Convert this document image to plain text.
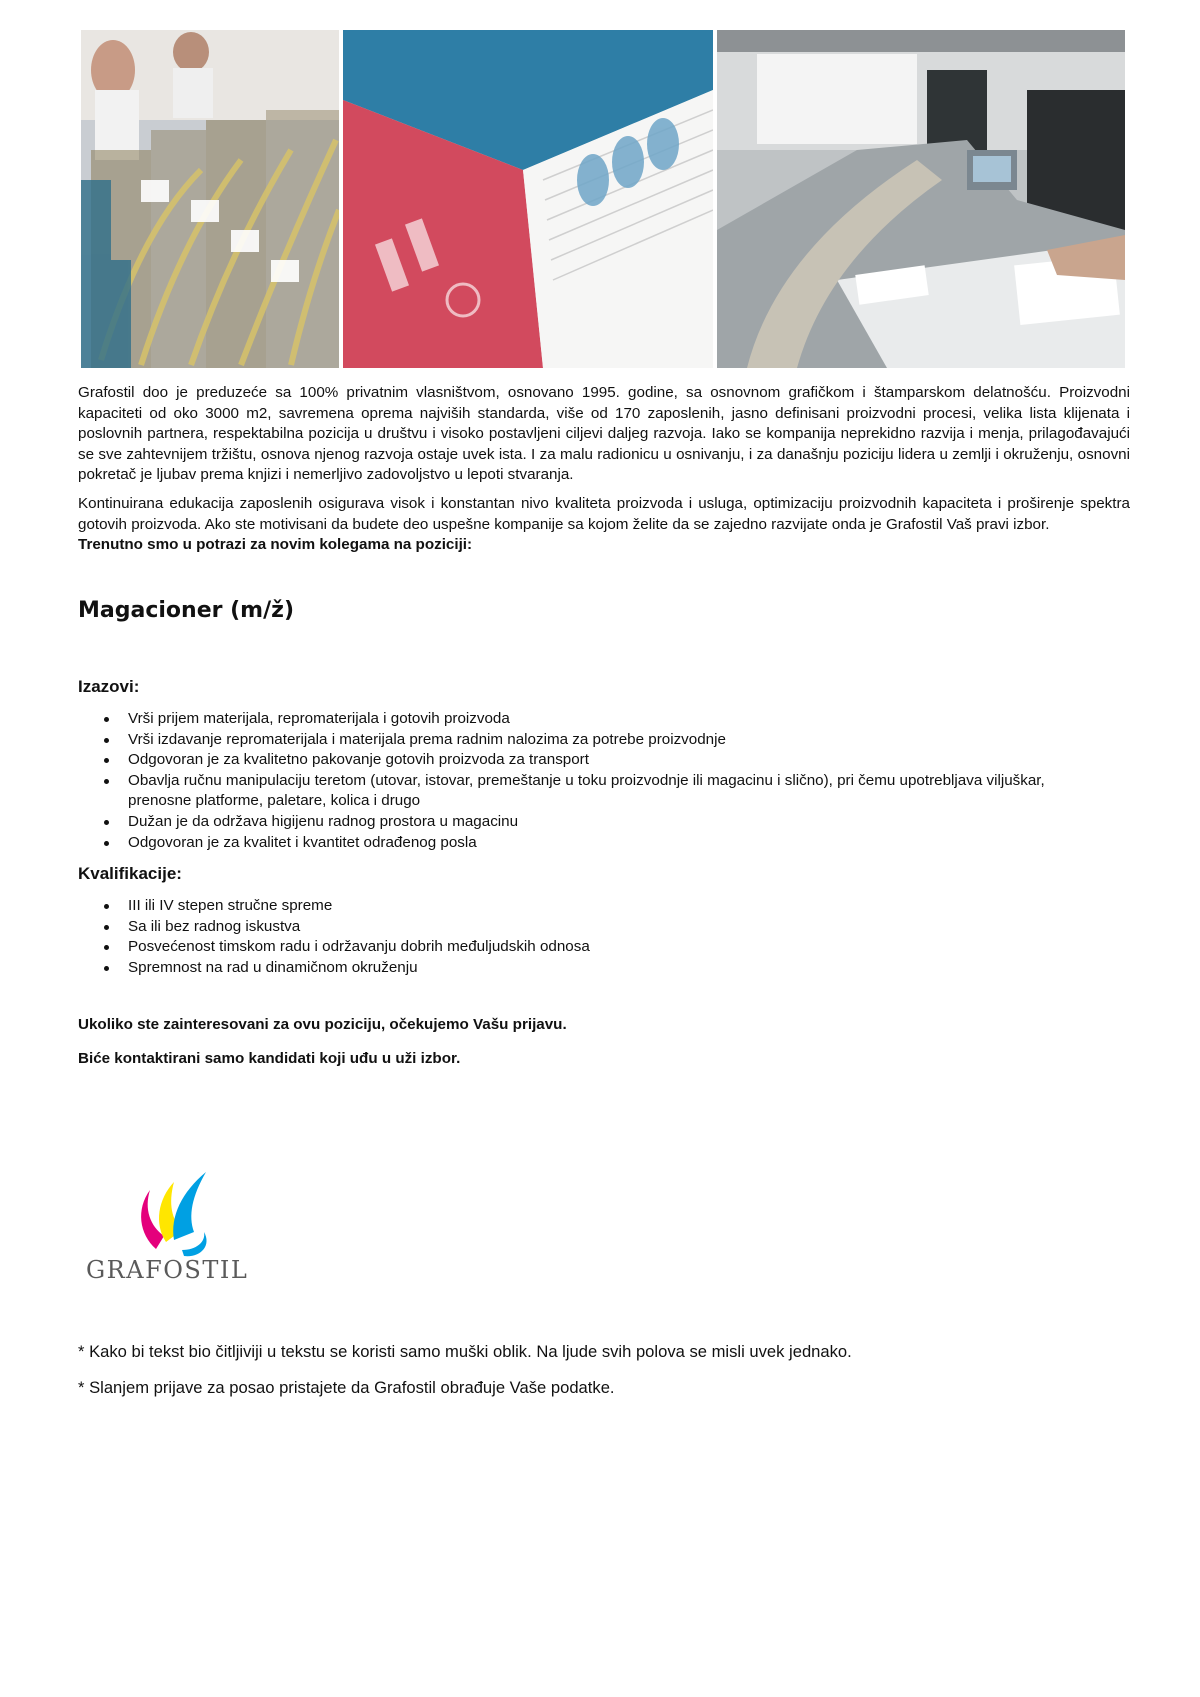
Grafostil doo je preduzeće sa 100% privatnim vlasništvom, osnovano 1995. godine, sa osnovnom grafičkom i štamparskom delatnošću. Proizvodni kapaciteti od oko 3000 m2, savremena oprema najviših standarda, više od 170 zaposlenih, jasno definisani proizvodni procesi, velika lista klijenata i poslovnih partnera, respektabilna pozicija u društvu i visoko postavljeni ciljevi daljeg razvoja. Iako se kompanija neprekidno razvija i menja, prilagođavajući se sve zahtevnijem tržištu, osnova njenog razvoja ostaje uvek ista. I za malu radionicu u osnivanju, i za današnju poziciju lidera u zemlji i okruženju, osnovni pokretač je ljubav prema knjizi i nemerljivo zadovoljstvo u lepoti stvaranja.

Kontinuirana edukacija zaposlenih osigurava visok i konstantan nivo kvaliteta proizvoda i usluga, optimizaciju proizvodnih kapaciteta i proširenje spektra gotovih proizvoda. Ako ste motivisani da budete deo uspešne kompanije sa kojom želite da se zajedno razvijate onda je Grafostil Vaš pravi izbor.
Trenutno smo u potrazi za novim kolegama na poziciji:

Magacioner (m/ž)
Izazovi:
Vrši prijem materijala, repromaterijala i gotovih proizvoda
Vrši izdavanje repromaterijala i materijala prema radnim nalozima za potrebe proizvodnje
Odgovoran je za kvalitetno pakovanje gotovih proizvoda za transport
Obavlja ručnu manipulaciju teretom (utovar, istovar, premeštanje u toku proizvodnje ili magacinu i slično), pri čemu upotrebljava viljuškar, prenosne platforme, paletare, kolica i drugo
Dužan je da održava higijenu radnog prostora u magacinu
Odgovoran je za kvalitet i kvantitet odrađenog posla
Kvalifikacije:
III ili IV stepen stručne spreme
Sa ili bez radnog iskustva
Posvećenost timskom radu i održavanju dobrih međuljudskih odnosa
Spremnost na rad u dinamičnom okruženju

Ukoliko ste zainteresovani za ovu poziciju, očekujemo Vašu prijavu.

Biće kontaktirani samo kandidati koji uđu u uži izbor.

GRAFOSTIL

* Kako bi tekst bio čitljiviji u tekstu se koristi samo muški oblik. Na ljude svih polova se misli uvek jednako.

* Slanjem prijave za posao pristajete da Grafostil obrađuje Vaše podatke.
